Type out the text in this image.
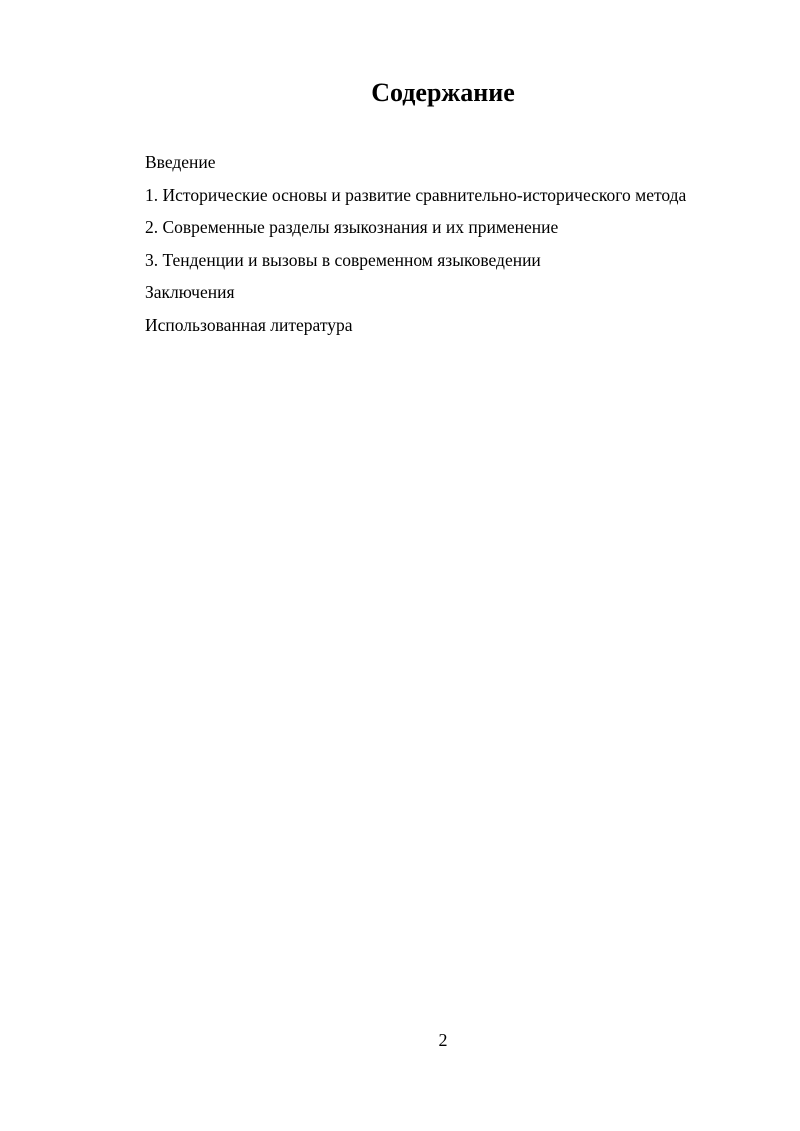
Содержание
Введение
1. Исторические основы и развитие сравнительно-исторического метода
2. Современные разделы языкознания и их применение
3. Тенденции и вызовы в современном языковедении
Заключения
Использованная литература
2
